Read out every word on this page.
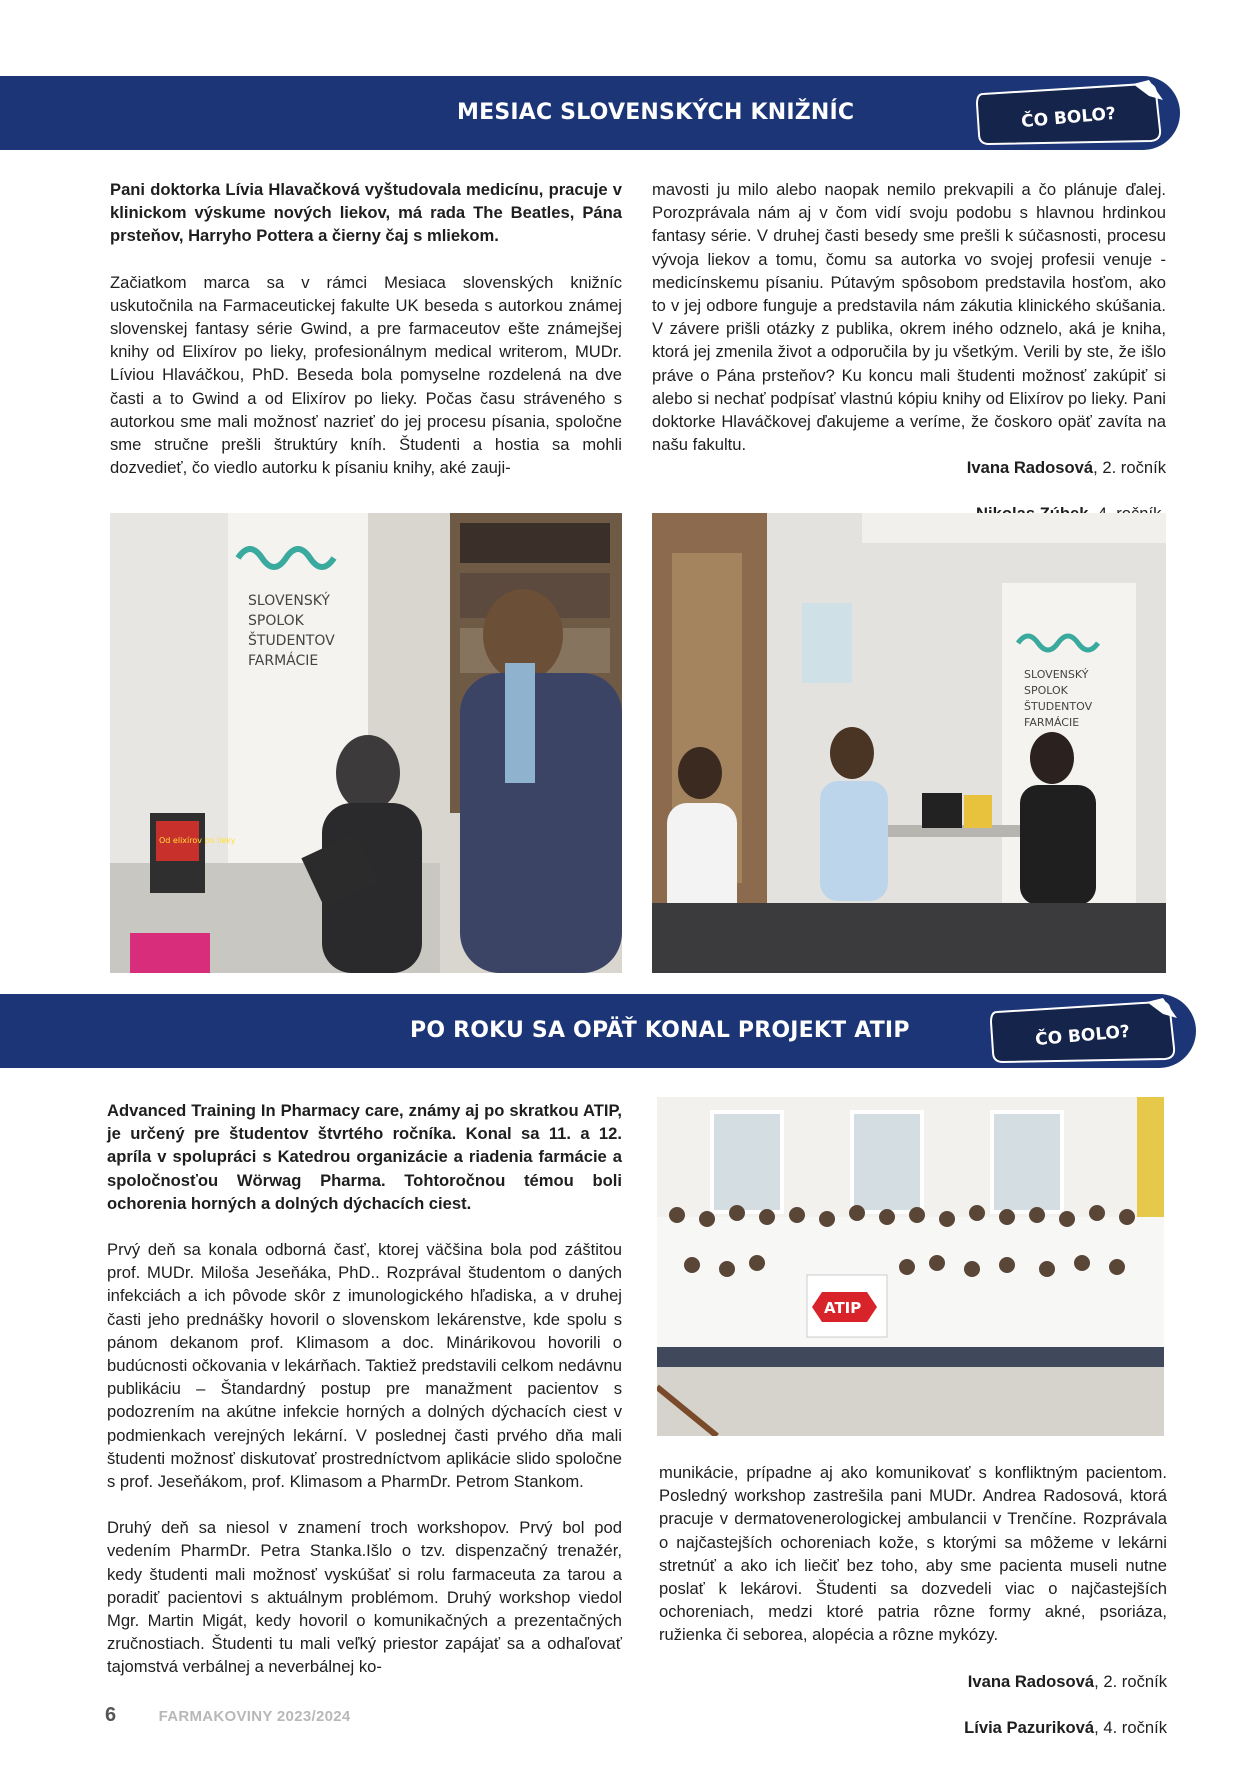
MESIAC SLOVENSKÝCH KNIŽNÍC	ČO BOLO?

Pani doktorka Lívia Hlavačková vyštudovala medicínu, pracuje v klinickom výskume nových liekov, má rada The Beatles, Pána prsteňov, Harryho Pottera a čierny čaj s mliekom.

Začiatkom marca sa v rámci Mesiaca slovenských knižníc uskutočnila na Farmaceutickej fakulte UK beseda s autorkou známej slovenskej fantasy série Gwind, a pre farmaceutov ešte známejšej knihy od Elixírov po lieky, profesionálnym medical writerom, MUDr. Líviou Hlaváčkou, PhD. Beseda bola pomyselne rozdelená na dve časti a to Gwind a od Elixírov po lieky. Počas času stráveného s autorkou sme mali možnosť nazrieť do jej procesu písania, spoločne sme stručne prešli štruktúry kníh. Študenti a hostia sa mohli dozvedieť, čo viedlo autorku k písaniu knihy, aké zauji-

mavosti ju milo alebo naopak nemilo prekvapili a čo plánuje ďalej. Porozprávala nám aj v čom vidí svoju podobu s hlavnou hrdinkou fantasy série. V druhej časti besedy sme prešli k súčasnosti, procesu vývoja liekov a tomu, čomu sa autorka vo svojej profesii venuje - medicínskemu písaniu. Pútavým spôsobom predstavila hosťom, ako to v jej odbore funguje a predstavila nám zákutia klinického skúšania. V závere prišli otázky z publika, okrem iného odznelo, aká je kniha, ktorá jej zmenila život a odporučila by ju všetkým. Verili by ste, že išlo práve o Pána prsteňov? Ku koncu mali študenti možnosť zakúpiť si alebo si nechať podpísať vlastnú kópiu knihy od Elixírov po lieky. Pani doktorke Hlaváčkovej ďakujeme a veríme, že čoskoro opäť zavíta na našu fakultu.

Ivana Radosová, 2. ročník

SLOVENSKÝ
SPOLOK
ŠTUDENTOV
FARMÁCIE
Od elixírov po lieky
SLOVENSKÝ
SPOLOK
ŠTUDENTOV
FARMÁCIE
PO ROKU SA OPÄŤ KONAL PROJEKT ATIP	ČO BOLO?

Advanced Training In Pharmacy care, známy aj po skratkou ATIP, je určený pre študentov štvrtého ročníka. Konal sa 11. a 12. apríla v spolupráci s Katedrou organizácie a riadenia farmácie a spoločnosťou Wörwag Pharma. Tohtoročnou témou boli ochorenia horných a dolných dýchacích ciest.

Prvý deň sa konala odborná časť, ktorej väčšina bola pod záštitou prof. MUDr. Miloša Jeseňáka, PhD.. Rozprával študentom o daných infekciách a ich pôvode skôr z imunologického hľadiska, a v druhej časti jeho prednášky hovoril o slovenskom lekárenstve, kde spolu s pánom dekanom prof. Klimasom a doc. Minárikovou hovorili o budúcnosti očkovania v lekárňach. Taktiež predstavili celkom nedávnu publikáciu – Štandardný postup pre manažment pacientov s podozrením na akútne infekcie horných a dolných dýchacích ciest v podmienkach verejných lekární. V poslednej časti prvého dňa mali študenti možnosť diskutovať prostredníctvom aplikácie slido spoločne s prof. Jeseňákom, prof. Klimasom a PharmDr. Petrom Stankom.

Druhý deň sa niesol v znamení troch workshopov. Prvý bol pod vedením PharmDr. Petra Stanka.Išlo o tzv. dispenzačný trenažér, kedy študenti mali možnosť vyskúšať si rolu farmaceuta za tarou a poradiť pacientovi s aktuálnym problémom. Druhý workshop viedol Mgr. Martin Migát, kedy hovoril o komunikačných a prezentačných zručnostiach. Študenti tu mali veľký priestor zapájať sa a odhaľovať tajomstvá verbálnej a neverbálnej ko-

ATIP

munikácie, prípadne aj ako komunikovať s konfliktným pacientom. Posledný workshop zastrešila pani MUDr. Andrea Radosová, ktorá pracuje v dermatovenerologickej ambulancii v Trenčíne. Rozprávala o najčastejších ochoreniach kože, s ktorými sa môžeme v lekárni stretnúť a ako ich liečiť bez toho, aby sme pacienta museli nutne poslať k lekárovi. Študenti sa dozvedeli viac o najčastejších ochoreniach, medzi ktoré patria rôzne formy akné, psoriáza, ružienka či seborea, alopécia a rôzne mykózy.

Ivana Radosová, 2. ročník

Lívia Pazuriková, 4. ročník

6	FARMAKOVINY 2023/2024
